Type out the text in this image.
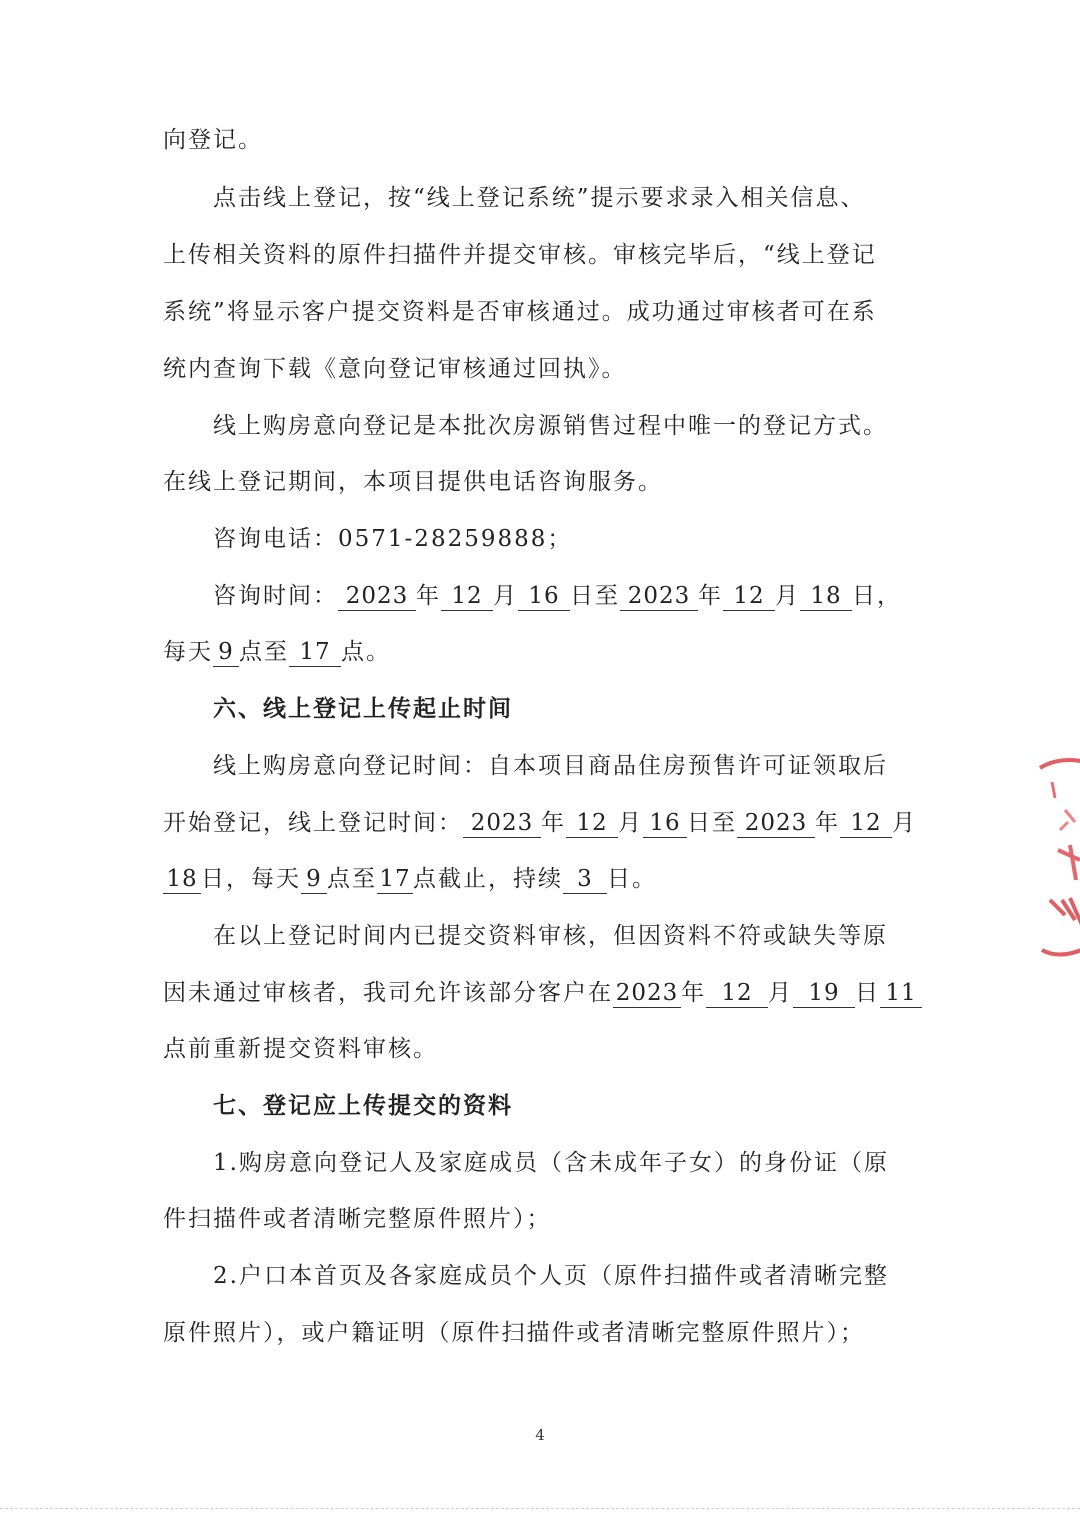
向登记。
点击线上登记，按“线上登记系统”提示要求录入相关信息、
上传相关资料的原件扫描件并提交审核。审核完毕后，“线上登记
系统”将显示客户提交资料是否审核通过。成功通过审核者可在系
统内查询下载《意向登记审核通过回执》。
线上购房意向登记是本批次房源销售过程中唯一的登记方式。
在线上登记期间，本项目提供电话咨询服务。
咨询电话：0571-28259888；
咨询时间： 2023 年 12 月 16 日至 2023 年 12 月 18 日，
每天 9 点至 17 点。
六、线上登记上传起止时间
线上购房意向登记时间：自本项目商品住房预售许可证领取后
开始登记，线上登记时间： 2023 年 12 月 16 日至 2023 年 12 月
18 日，每天 9 点至 17 点截止，持续 3 日。
在以上登记时间内已提交资料审核，但因资料不符或缺失等原
因未通过审核者，我司允许该部分客户在 2023 年 12 月 19 日 11
点前重新提交资料审核。
七、登记应上传提交的资料
1.购房意向登记人及家庭成员（含未成年子女）的身份证（原
件扫描件或者清晰完整原件照片）；
2.户口本首页及各家庭成员个人页（原件扫描件或者清晰完整
原件照片），或户籍证明（原件扫描件或者清晰完整原件照片）；
4
